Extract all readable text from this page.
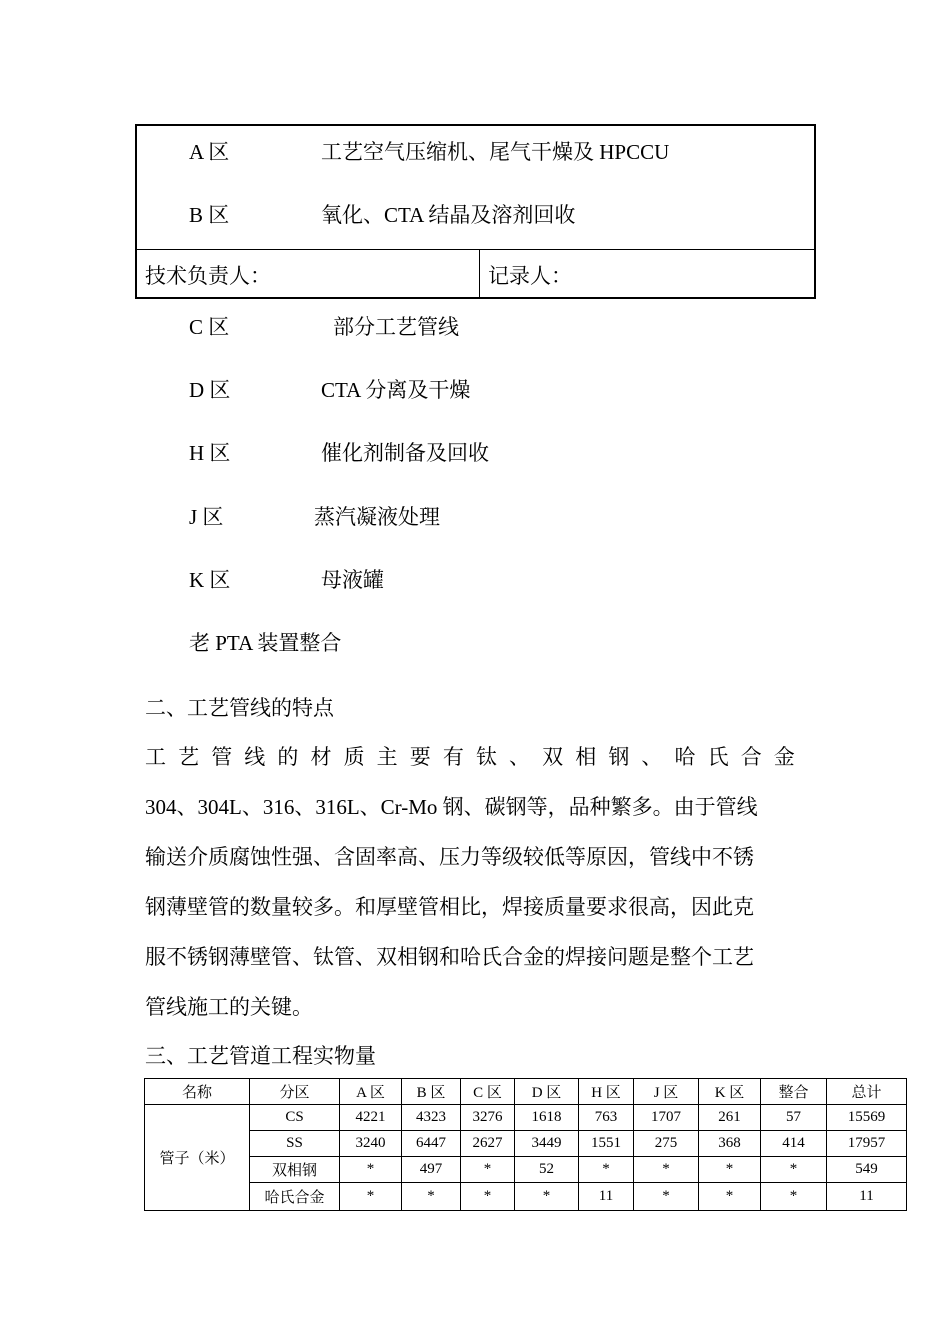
A 区	工艺空气压缩机、尾气干燥及 HPCCU
B 区	氧化、CTA 结晶及溶剂回收
技术负责人：	记录人：
C 区	部分工艺管线
D 区	CTA 分离及干燥
H 区	催化剂制备及回收
J 区	蒸汽凝液处理
K 区	母液罐
老 PTA 装置整合
二、工艺管线的特点
工 艺 管 线 的 材 质 主 要 有 钛 、 双 相 钢 、 哈 氏 合 金
304、304L、316、316L、Cr-Mo 钢、碳钢等，品种繁多。由于管线
输送介质腐蚀性强、含固率高、压力等级较低等原因，管线中不锈
钢薄壁管的数量较多。和厚壁管相比，焊接质量要求很高，因此克
服不锈钢薄壁管、钛管、双相钢和哈氏合金的焊接问题是整个工艺
管线施工的关键。
三、工艺管道工程实物量
名称	分区	A 区	B 区	C 区	D 区	H 区	J 区	K 区	整合	总计
管子（米）	CS	4221	4323	3276	1618	763	1707	261	57	15569
	SS	3240	6447	2627	3449	1551	275	368	414	17957
	双相钢	*	497	*	52	*	*	*	*	549
	哈氏合金	*	*	*	*	11	*	*	*	11
